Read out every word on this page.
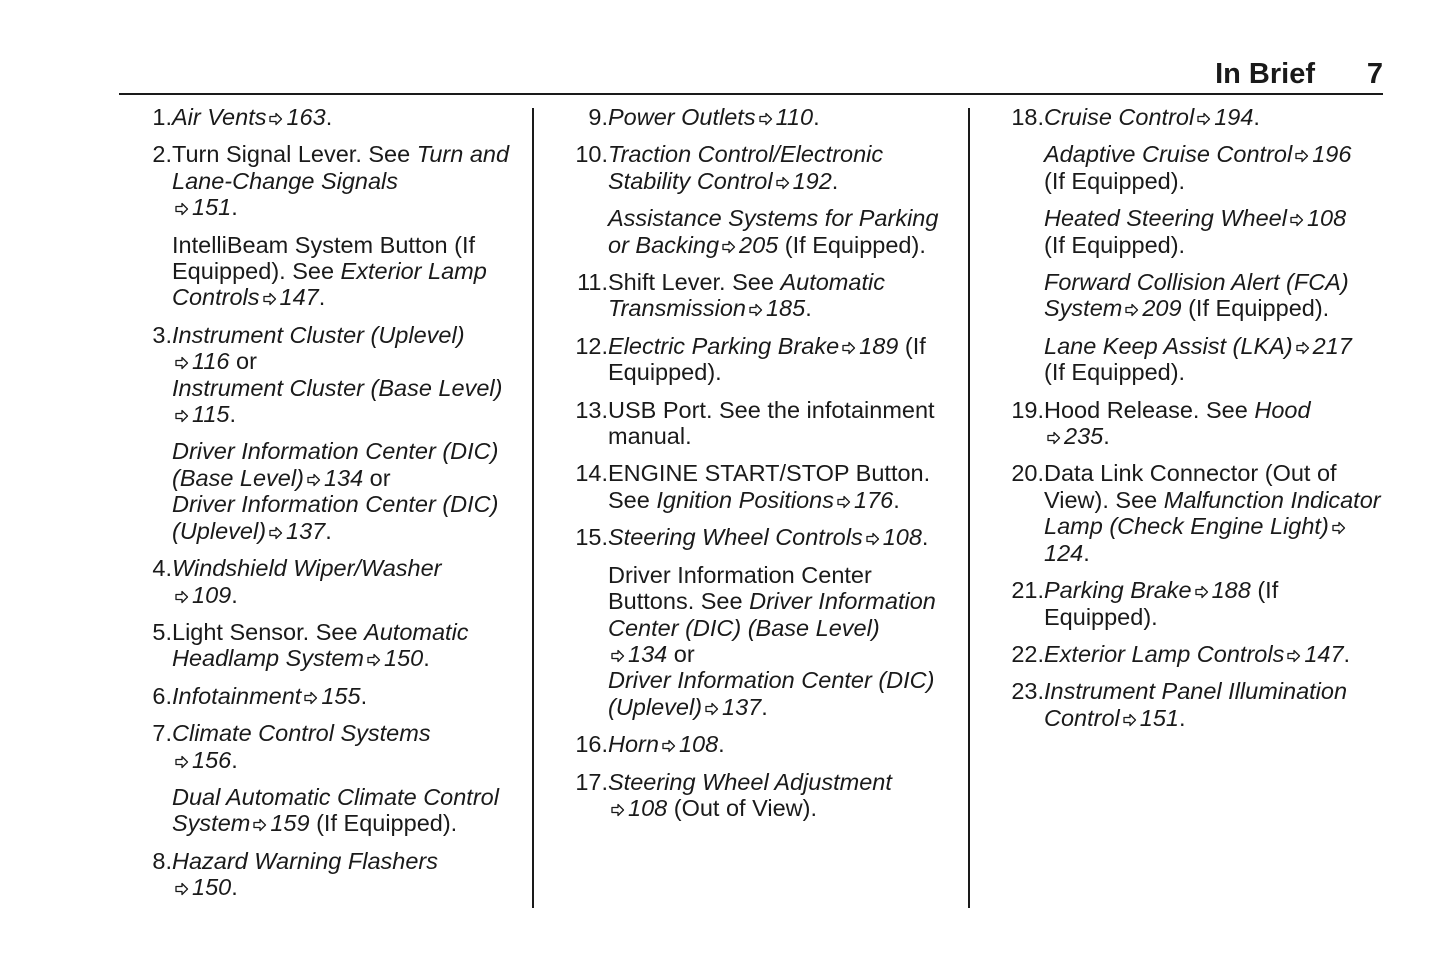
In Brief 7
1. Air Vents 163.
2. Turn Signal Lever. See Turn and Lane-Change Signals
151.
IntelliBeam System Button (If Equipped). See Exterior Lamp Controls 147.
3. Instrument Cluster (Uplevel)
116 or
Instrument Cluster (Base Level)115.
Driver Information Center (DIC) (Base Level) 134 or
Driver Information Center (DIC) (Uplevel) 137.
4. Windshield Wiper/Washer
109.
5. Light Sensor. See Automatic Headlamp System 150.
6. Infotainment 155.
7. Climate Control Systems
156.
Dual Automatic Climate Control System 159 (If Equipped).
8. Hazard Warning Flashers
150.
9. Power Outlets 110.
10. Traction Control/Electronic Stability Control 192.
Assistance Systems for Parking or Backing 205 (If Equipped).
11. Shift Lever. See Automatic Transmission 185.
12. Electric Parking Brake 189 (If Equipped).
13. USB Port. See the infotainment manual.
14. ENGINE START/STOP Button. See Ignition Positions 176.
15. Steering Wheel Controls 108.
Driver Information Center Buttons. See Driver Information Center (DIC) (Base Level)
134 or
Driver Information Center (DIC) (Uplevel) 137.
16. Horn 108.
17. Steering Wheel Adjustment
108 (Out of View).
18. Cruise Control 194.
Adaptive Cruise Control 196
(If Equipped).
Heated Steering Wheel 108
(If Equipped).
Forward Collision Alert (FCA) System 209 (If Equipped).
Lane Keep Assist (LKA) 217
(If Equipped).
19. Hood Release. See Hood
235.
20. Data Link Connector (Out of View). See Malfunction Indicator Lamp (Check Engine Light)124.
21. Parking Brake 188 (If Equipped).
22. Exterior Lamp Controls 147.
23. Instrument Panel Illumination Control 151.
